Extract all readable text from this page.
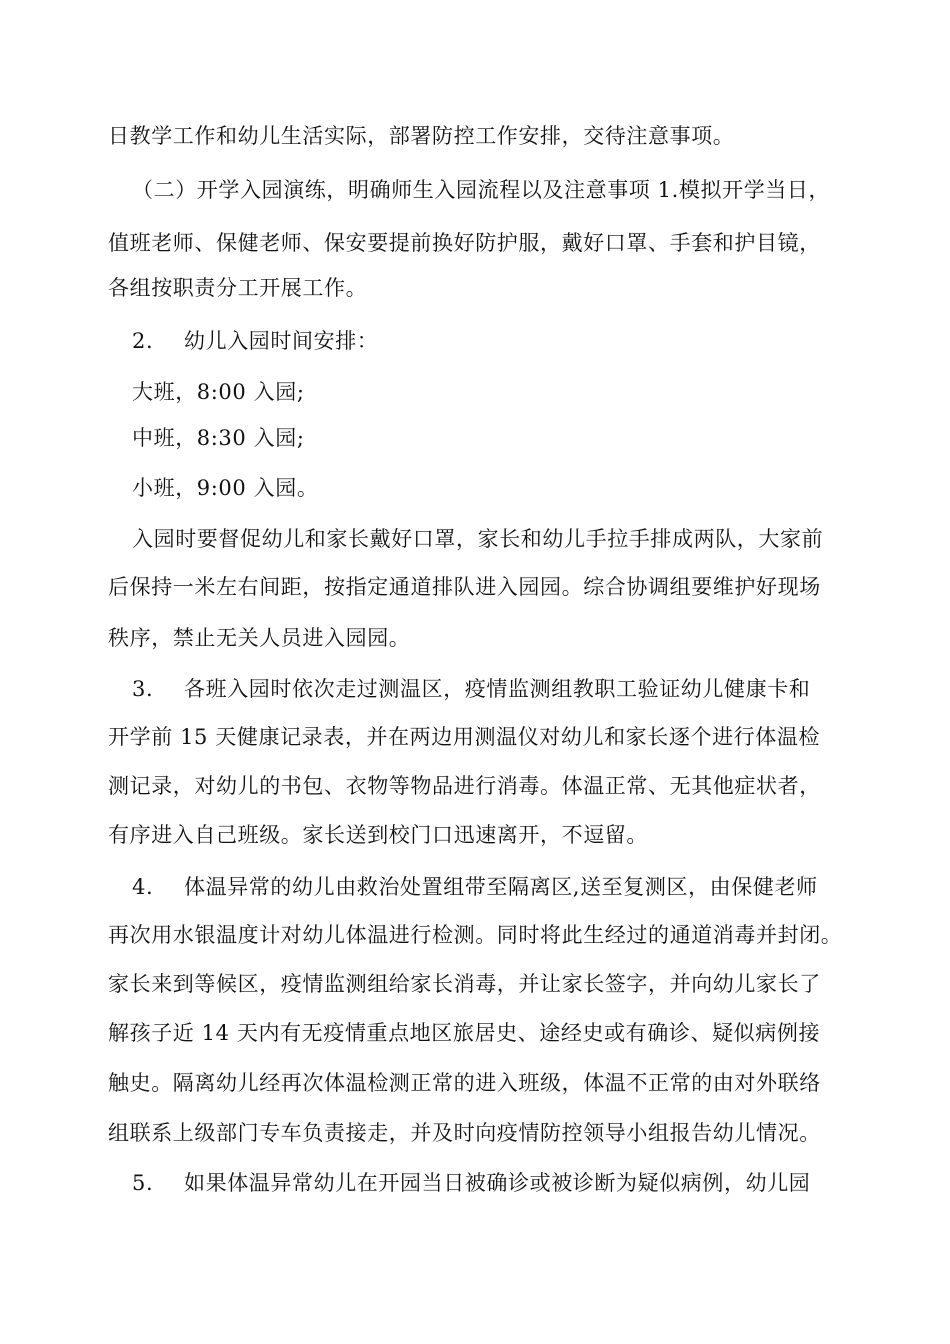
日教学工作和幼儿生活实际，部署防控工作安排，交待注意事项。
（二）开学入园演练，明确师生入园流程以及注意事项 1.模拟开学当日，
值班老师、保健老师、保安要提前换好防护服，戴好口罩、手套和护目镜，
各组按职责分工开展工作。
2. 幼儿入园时间安排：
大班，8:00 入园;
中班，8:30 入园;
小班，9:00 入园。
入园时要督促幼儿和家长戴好口罩，家长和幼儿手拉手排成两队，大家前
后保持一米左右间距，按指定通道排队进入园园。综合协调组要维护好现场
秩序，禁止无关人员进入园园。
3. 各班入园时依次走过测温区，疫情监测组教职工验证幼儿健康卡和
开学前 15 天健康记录表，并在两边用测温仪对幼儿和家长逐个进行体温检
测记录，对幼儿的书包、衣物等物品进行消毒。体温正常、无其他症状者，
有序进入自己班级。家长送到校门口迅速离开，不逗留。
4. 体温异常的幼儿由救治处置组带至隔离区,送至复测区，由保健老师
再次用水银温度计对幼儿体温进行检测。同时将此生经过的通道消毒并封闭。
家长来到等候区，疫情监测组给家长消毒，并让家长签字，并向幼儿家长了
解孩子近 14 天内有无疫情重点地区旅居史、途经史或有确诊、疑似病例接
触史。隔离幼儿经再次体温检测正常的进入班级，体温不正常的由对外联络
组联系上级部门专车负责接走，并及时向疫情防控领导小组报告幼儿情况。
5. 如果体温异常幼儿在开园当日被确诊或被诊断为疑似病例，幼儿园
